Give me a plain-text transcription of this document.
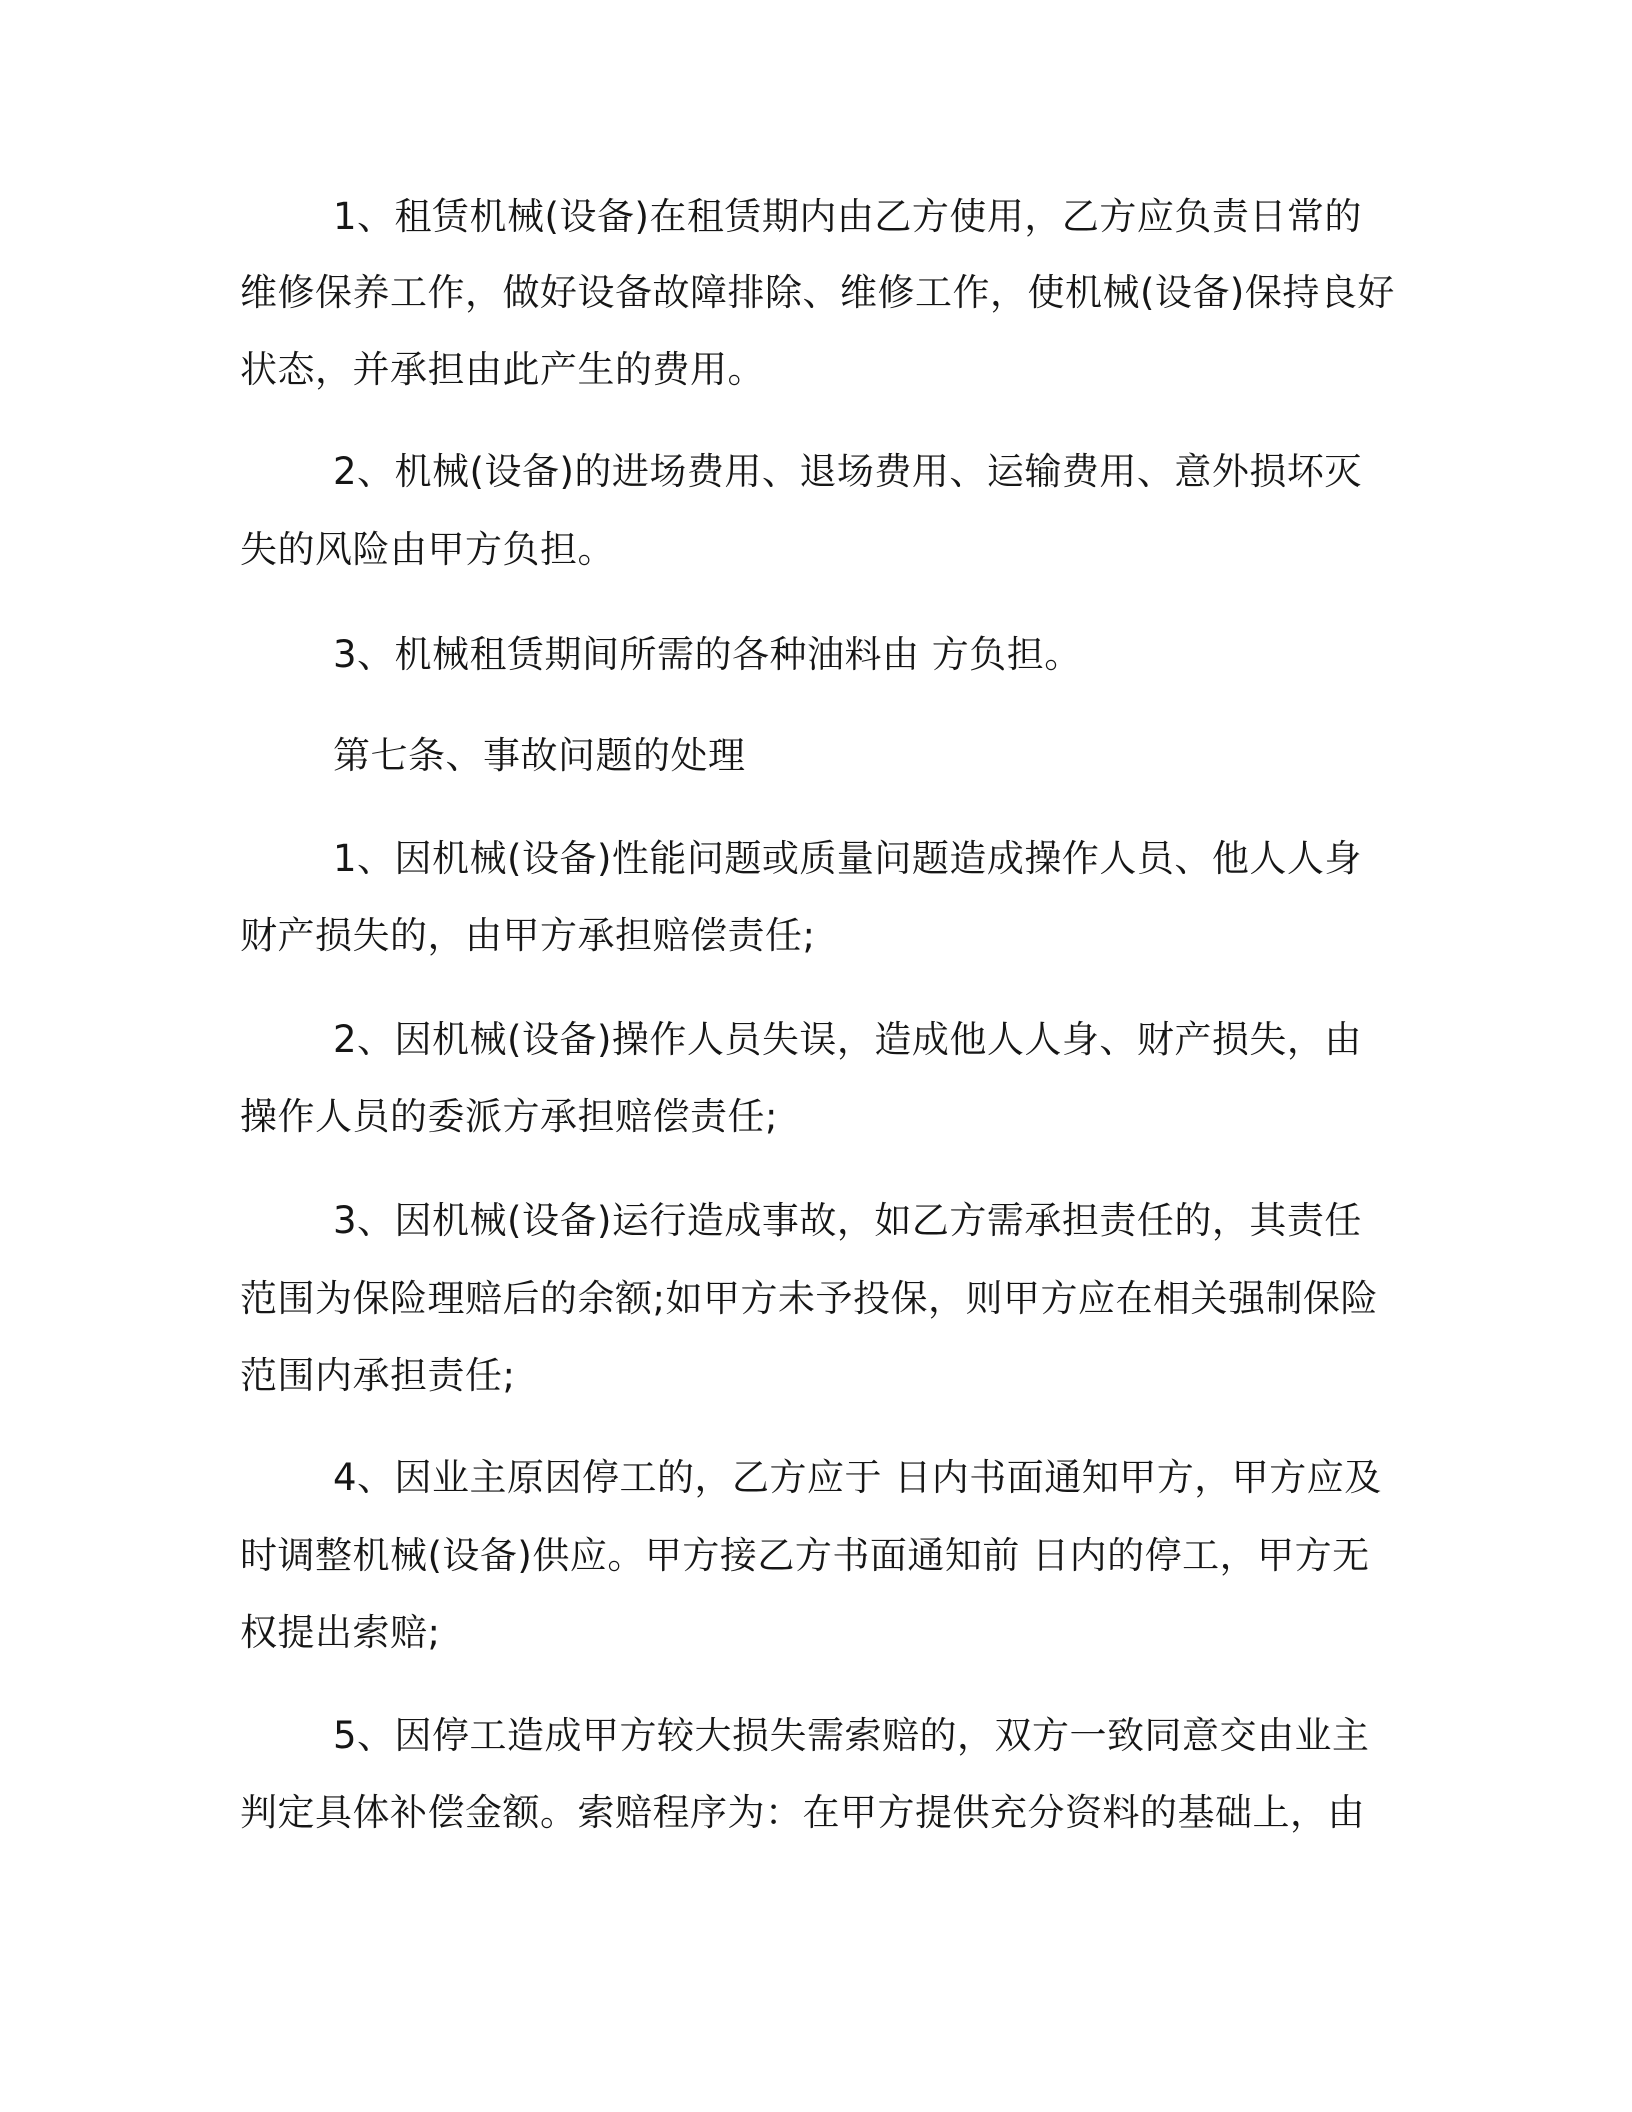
1、租赁机械(设备)在租赁期内由乙方使用，乙方应负责日常的

维修保养工作，做好设备故障排除、维修工作，使机械(设备)保持良好

状态，并承担由此产生的费用。

2、机械(设备)的进场费用、退场费用、运输费用、意外损坏灭

失的风险由甲方负担。

3、机械租赁期间所需的各种油料由 方负担。

第七条、事故问题的处理

1、因机械(设备)性能问题或质量问题造成操作人员、他人人身

财产损失的，由甲方承担赔偿责任;

2、因机械(设备)操作人员失误，造成他人人身、财产损失，由

操作人员的委派方承担赔偿责任;

3、因机械(设备)运行造成事故，如乙方需承担责任的，其责任

范围为保险理赔后的余额;如甲方未予投保，则甲方应在相关强制保险

范围内承担责任;

4、因业主原因停工的，乙方应于 日内书面通知甲方，甲方应及

时调整机械(设备)供应。甲方接乙方书面通知前 日内的停工，甲方无

权提出索赔;

5、因停工造成甲方较大损失需索赔的，双方一致同意交由业主

判定具体补偿金额。索赔程序为：在甲方提供充分资料的基础上，由
